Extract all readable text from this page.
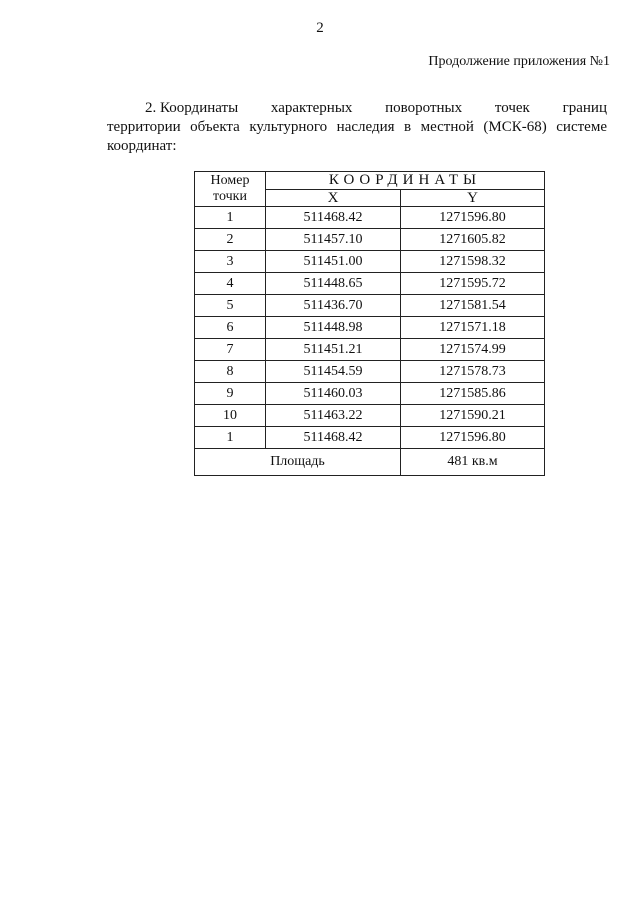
2
Продолжение приложения №1
2. Координаты характерных поворотных точек границ
территории объекта культурного наследия в местной (МСК-68) системе
координат:
Номер
точки	КООРДИНАТЫ	
	X	Y
1	511468.42	1271596.80
2	511457.10	1271605.82
3	511451.00	1271598.32
4	511448.65	1271595.72
5	511436.70	1271581.54
6	511448.98	1271571.18
7	511451.21	1271574.99
8	511454.59	1271578.73
9	511460.03	1271585.86
10	511463.22	1271590.21
1	511468.42	1271596.80
Площадь		481 кв.м
